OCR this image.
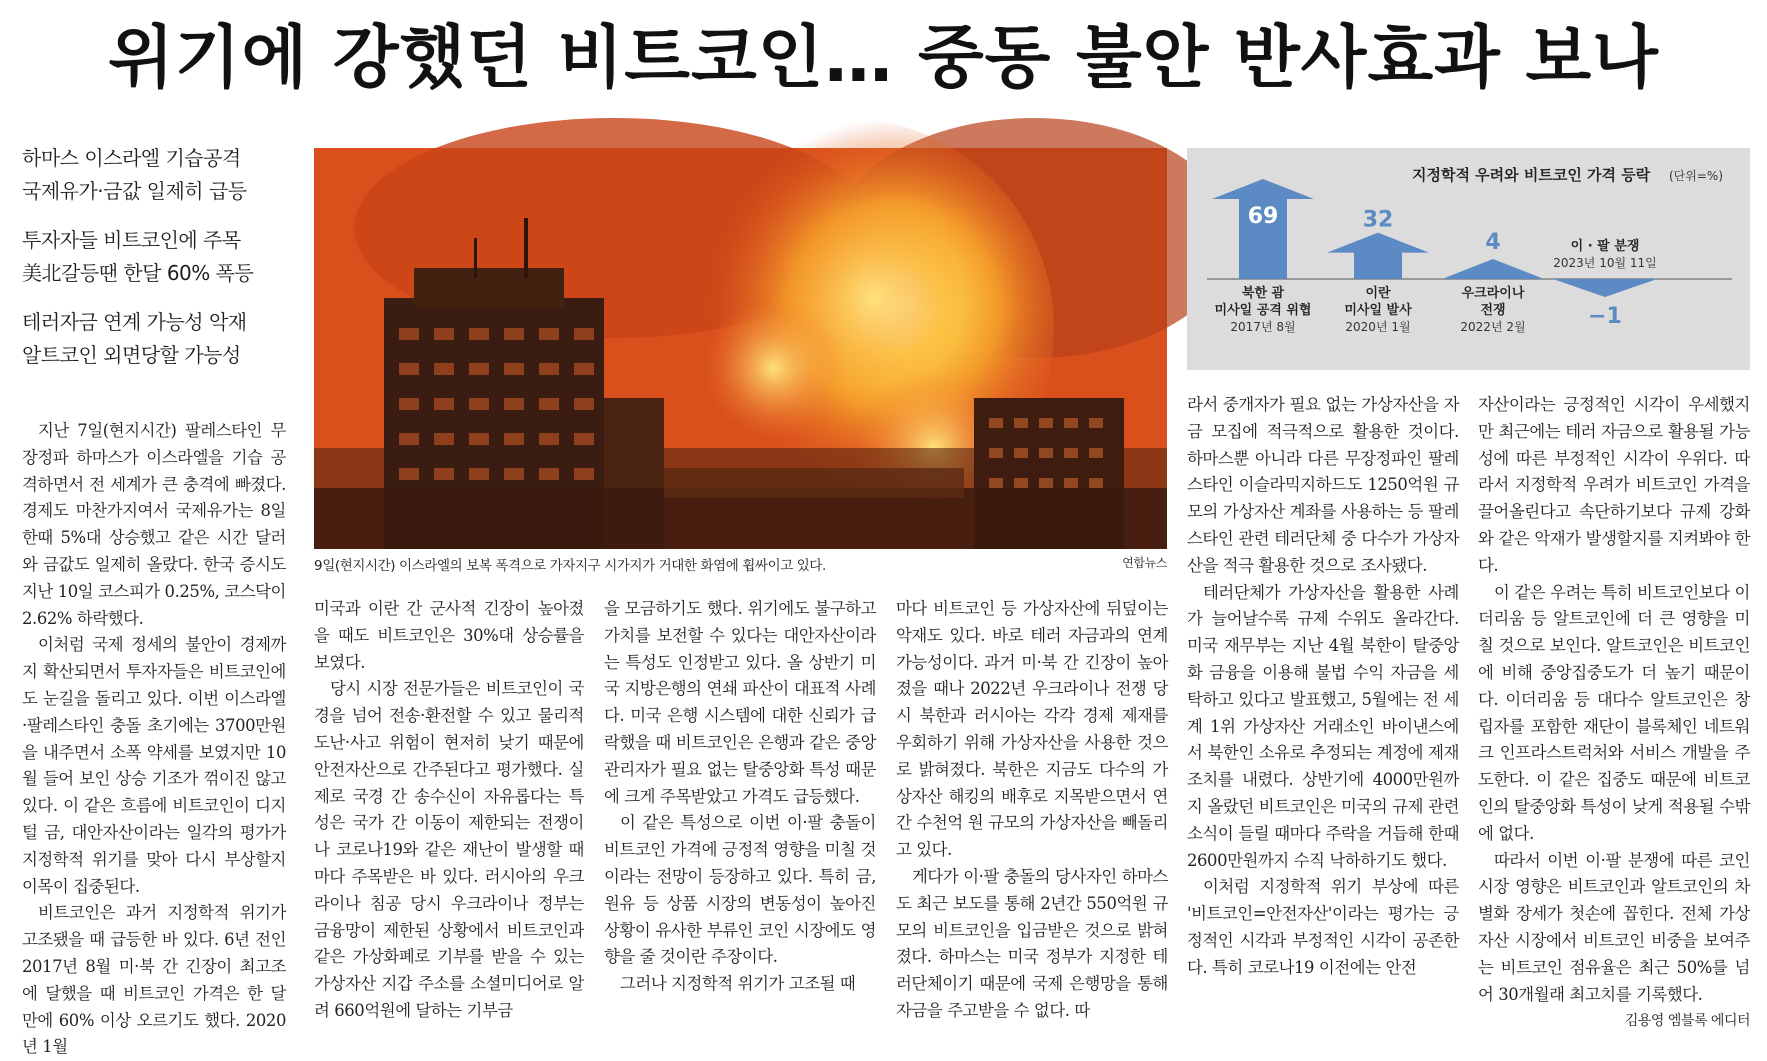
위기에 강했던 비트코인… 중동 불안 반사효과 보나
하마스 이스라엘 기습공격
국제유가·금값 일제히 급등
투자자들 비트코인에 주목
美北갈등땐 한달 60% 폭등
테러자금 연계 가능성 악재
알트코인 외면당할 가능성
9일(현지시간) 이스라엘의 보복 폭격으로 가자지구 시가지가 거대한 화염에 휩싸이고 있다.	연합뉴스
지정학적 우려와 비트코인 가격 등락 (단위=%)
69
북한 괌
미사일 공격 위협
2017년 8월
32
이란
미사일 발사
2020년 1월
4
우크라이나
전쟁
2022년 2월	−1
이 · 팔 분쟁
2023년 10월 11일

지난 7일(현지시간) 팔레스타인 무장정파 하마스가 이스라엘을 기습 공격하면서 전 세계가 큰 충격에 빠졌다. 경제도 마찬가지여서 국제유가는 8일 한때 5%대 상승했고 같은 시간 달러와 금값도 일제히 올랐다. 한국 증시도 지난 10일 코스피가 0.25%, 코스닥이 2.62% 하락했다.

이처럼 국제 정세의 불안이 경제까지 확산되면서 투자자들은 비트코인에도 눈길을 돌리고 있다. 이번 이스라엘·팔레스타인 충돌 초기에는 3700만원을 내주면서 소폭 약세를 보였지만 10월 들어 보인 상승 기조가 꺾이진 않고 있다. 이 같은 흐름에 비트코인이 디지털 금, 대안자산이라는 일각의 평가가 지정학적 위기를 맞아 다시 부상할지 이목이 집중된다.

비트코인은 과거 지정학적 위기가 고조됐을 때 급등한 바 있다. 6년 전인 2017년 8월 미·북 간 긴장이 최고조에 달했을 때 비트코인 가격은 한 달 만에 60% 이상 오르기도 했다. 2020년 1월

미국과 이란 간 군사적 긴장이 높아졌을 때도 비트코인은 30%대 상승률을 보였다.

당시 시장 전문가들은 비트코인이 국경을 넘어 전송·환전할 수 있고 물리적 도난·사고 위험이 현저히 낮기 때문에 안전자산으로 간주된다고 평가했다. 실제로 국경 간 송수신이 자유롭다는 특성은 국가 간 이동이 제한되는 전쟁이나 코로나19와 같은 재난이 발생할 때마다 주목받은 바 있다. 러시아의 우크라이나 침공 당시 우크라이나 정부는 금융망이 제한된 상황에서 비트코인과 같은 가상화폐로 기부를 받을 수 있는 가상자산 지갑 주소를 소셜미디어로 알려 660억원에 달하는 기부금

을 모금하기도 했다. 위기에도 불구하고 가치를 보전할 수 있다는 대안자산이라는 특성도 인정받고 있다. 올 상반기 미국 지방은행의 연쇄 파산이 대표적 사례다. 미국 은행 시스템에 대한 신뢰가 급락했을 때 비트코인은 은행과 같은 중앙 관리자가 필요 없는 탈중앙화 특성 때문에 크게 주목받았고 가격도 급등했다.

이 같은 특성으로 이번 이·팔 충돌이 비트코인 가격에 긍정적 영향을 미칠 것이라는 전망이 등장하고 있다. 특히 금, 원유 등 상품 시장의 변동성이 높아진 상황이 유사한 부류인 코인 시장에도 영향을 줄 것이란 주장이다.

그러나 지정학적 위기가 고조될 때

마다 비트코인 등 가상자산에 뒤덮이는 악재도 있다. 바로 테러 자금과의 연계 가능성이다. 과거 미·북 간 긴장이 높아졌을 때나 2022년 우크라이나 전쟁 당시 북한과 러시아는 각각 경제 제재를 우회하기 위해 가상자산을 사용한 것으로 밝혀졌다. 북한은 지금도 다수의 가상자산 해킹의 배후로 지목받으면서 연간 수천억 원 규모의 가상자산을 빼돌리고 있다.

게다가 이·팔 충돌의 당사자인 하마스도 최근 보도를 통해 2년간 550억원 규모의 비트코인을 입금받은 것으로 밝혀졌다. 하마스는 미국 정부가 지정한 테러단체이기 때문에 국제 은행망을 통해 자금을 주고받을 수 없다. 따

라서 중개자가 필요 없는 가상자산을 자금 모집에 적극적으로 활용한 것이다. 하마스뿐 아니라 다른 무장정파인 팔레스타인 이슬라믹지하드도 1250억원 규모의 가상자산 계좌를 사용하는 등 팔레스타인 관련 테러단체 중 다수가 가상자산을 적극 활용한 것으로 조사됐다.

테러단체가 가상자산을 활용한 사례가 늘어날수록 규제 수위도 올라간다. 미국 재무부는 지난 4월 북한이 탈중앙화 금융을 이용해 불법 수익 자금을 세탁하고 있다고 발표했고, 5월에는 전 세계 1위 가상자산 거래소인 바이낸스에서 북한인 소유로 추정되는 계정에 제재 조치를 내렸다. 상반기에 4000만원까지 올랐던 비트코인은 미국의 규제 관련 소식이 들릴 때마다 주락을 거듭해 한때 2600만원까지 수직 낙하하기도 했다.

이처럼 지정학적 위기 부상에 따른 '비트코인=안전자산'이라는 평가는 긍정적인 시각과 부정적인 시각이 공존한다. 특히 코로나19 이전에는 안전

자산이라는 긍정적인 시각이 우세했지만 최근에는 테러 자금으로 활용될 가능성에 따른 부정적인 시각이 우위다. 따라서 지정학적 우려가 비트코인 가격을 끌어올린다고 속단하기보다 규제 강화와 같은 악재가 발생할지를 지켜봐야 한다.

이 같은 우려는 특히 비트코인보다 이더리움 등 알트코인에 더 큰 영향을 미칠 것으로 보인다. 알트코인은 비트코인에 비해 중앙집중도가 더 높기 때문이다. 이더리움 등 대다수 알트코인은 창립자를 포함한 재단이 블록체인 네트워크 인프라스트럭처와 서비스 개발을 주도한다. 이 같은 집중도 때문에 비트코인의 탈중앙화 특성이 낮게 적용될 수밖에 없다.

따라서 이번 이·팔 분쟁에 따른 코인 시장 영향은 비트코인과 알트코인의 차별화 장세가 첫손에 꼽힌다. 전체 가상자산 시장에서 비트코인 비중을 보여주는 비트코인 점유율은 최근 50%를 넘어 30개월래 최고치를 기록했다.

김용영 엠블록 에디터
